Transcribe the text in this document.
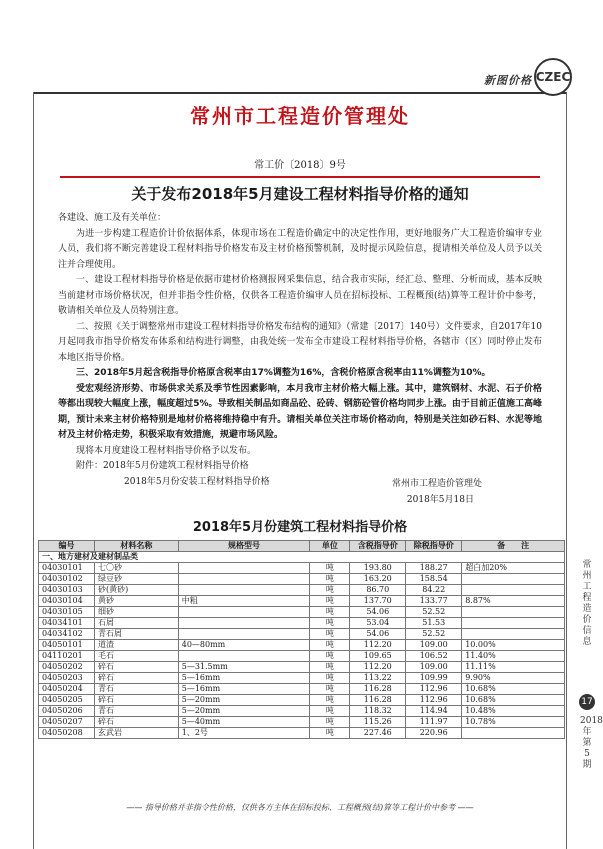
新图价格 CZEC
常州市工程造价管理处
常工价〔2018〕9号
关于发布2018年5月建设工程材料指导价格的通知

各建设、施工及有关单位：

为进一步构建工程造价计价依据体系，体现市场在工程造价确定中的决定性作用，更好地服务广大工程造价编审专业人员，我们将不断完善建设工程材料指导价格发布及主材价格预警机制，及时提示风险信息，提请相关单位及人员予以关注并合理使用。

一、建设工程材料指导价格是依据市建材价格测报网采集信息，结合我市实际，经汇总、整理、分析而成，基本反映当前建材市场价格状况，但并非指令性价格，仅供各工程造价编审人员在招标投标、工程概预(结)算等工程计价中参考，敬请相关单位及人员特别注意。

二、按照《关于调整常州市建设工程材料指导价格发布结构的通知》（常建〔2017〕140号）文件要求，自2017年10月起同我市指导价格发布体系和结构进行调整，由我处统一发布全市建设工程材料指导价格，各辖市（区）同时停止发布本地区指导价格。

三、2018年5月起含税指导价格原含税率由17%调整为16%，含税价格原含税率由11%调整为10%。

受宏观经济形势、市场供求关系及季节性因素影响，本月我市主材价格大幅上涨。其中，建筑钢材、水泥、石子价格等都出现较大幅度上涨，幅度超过5%。导致相关制品如商品砼、砼砖、钢筋砼管价格均同步上涨。由于目前正值施工高峰期，预计未来主材价格特别是地材价格将维持稳中有升。请相关单位关注市场价格动向，特别是关注如砂石料、水泥等地材及主材价格走势，积极采取有效措施，规避市场风险。

现将本月度建设工程材料指导价格予以发布。

附件：2018年5月份建筑工程材料指导价格

2018年5月份安装工程材料指导价格	常州市工程造价管理处
2018年5月18日
2018年5月份建筑工程材料指导价格
编号	材料名称	规格型号	单位	含税指导价	除税指导价	备　　注
一、地方建材及建材制品类						
04030101	七〇砂		吨	193.80	188.27	超白加20%
04030102	绿豆砂		吨	163.20	158.54	
04030103	砂(黄砂)		吨	86.70	84.22	
04030104	黄砂	中粗	吨	137.70	133.77	8.87%
04030105	细砂		吨	54.06	52.52	
04034101	石屑		吨	53.04	51.53	
04034102	青石屑		吨	54.06	52.52	
04050101	道渣	40—80mm	吨	112.20	109.00	10.00%
04110201	毛石		吨	109.65	106.52	11.40%
04050202	碎石	5—31.5mm	吨	112.20	109.00	11.11%
04050203	碎石	5—16mm	吨	113.22	109.99	9.90%
04050204	青石	5—16mm	吨	116.28	112.96	10.68%
04050205	碎石	5—20mm	吨	116.28	112.96	10.68%
04050206	青石	5—20mm	吨	118.32	114.94	10.48%
04050207	碎石	5—40mm	吨	115.26	111.97	10.78%
04050208	玄武岩	1、2号	吨	227.46	220.96	
常州工程造价信息
17
2018年第5期
—— 指导价格并非指令性价格，仅供各方主体在招标投标、工程概预(结)算等工程计价中参考 ——
